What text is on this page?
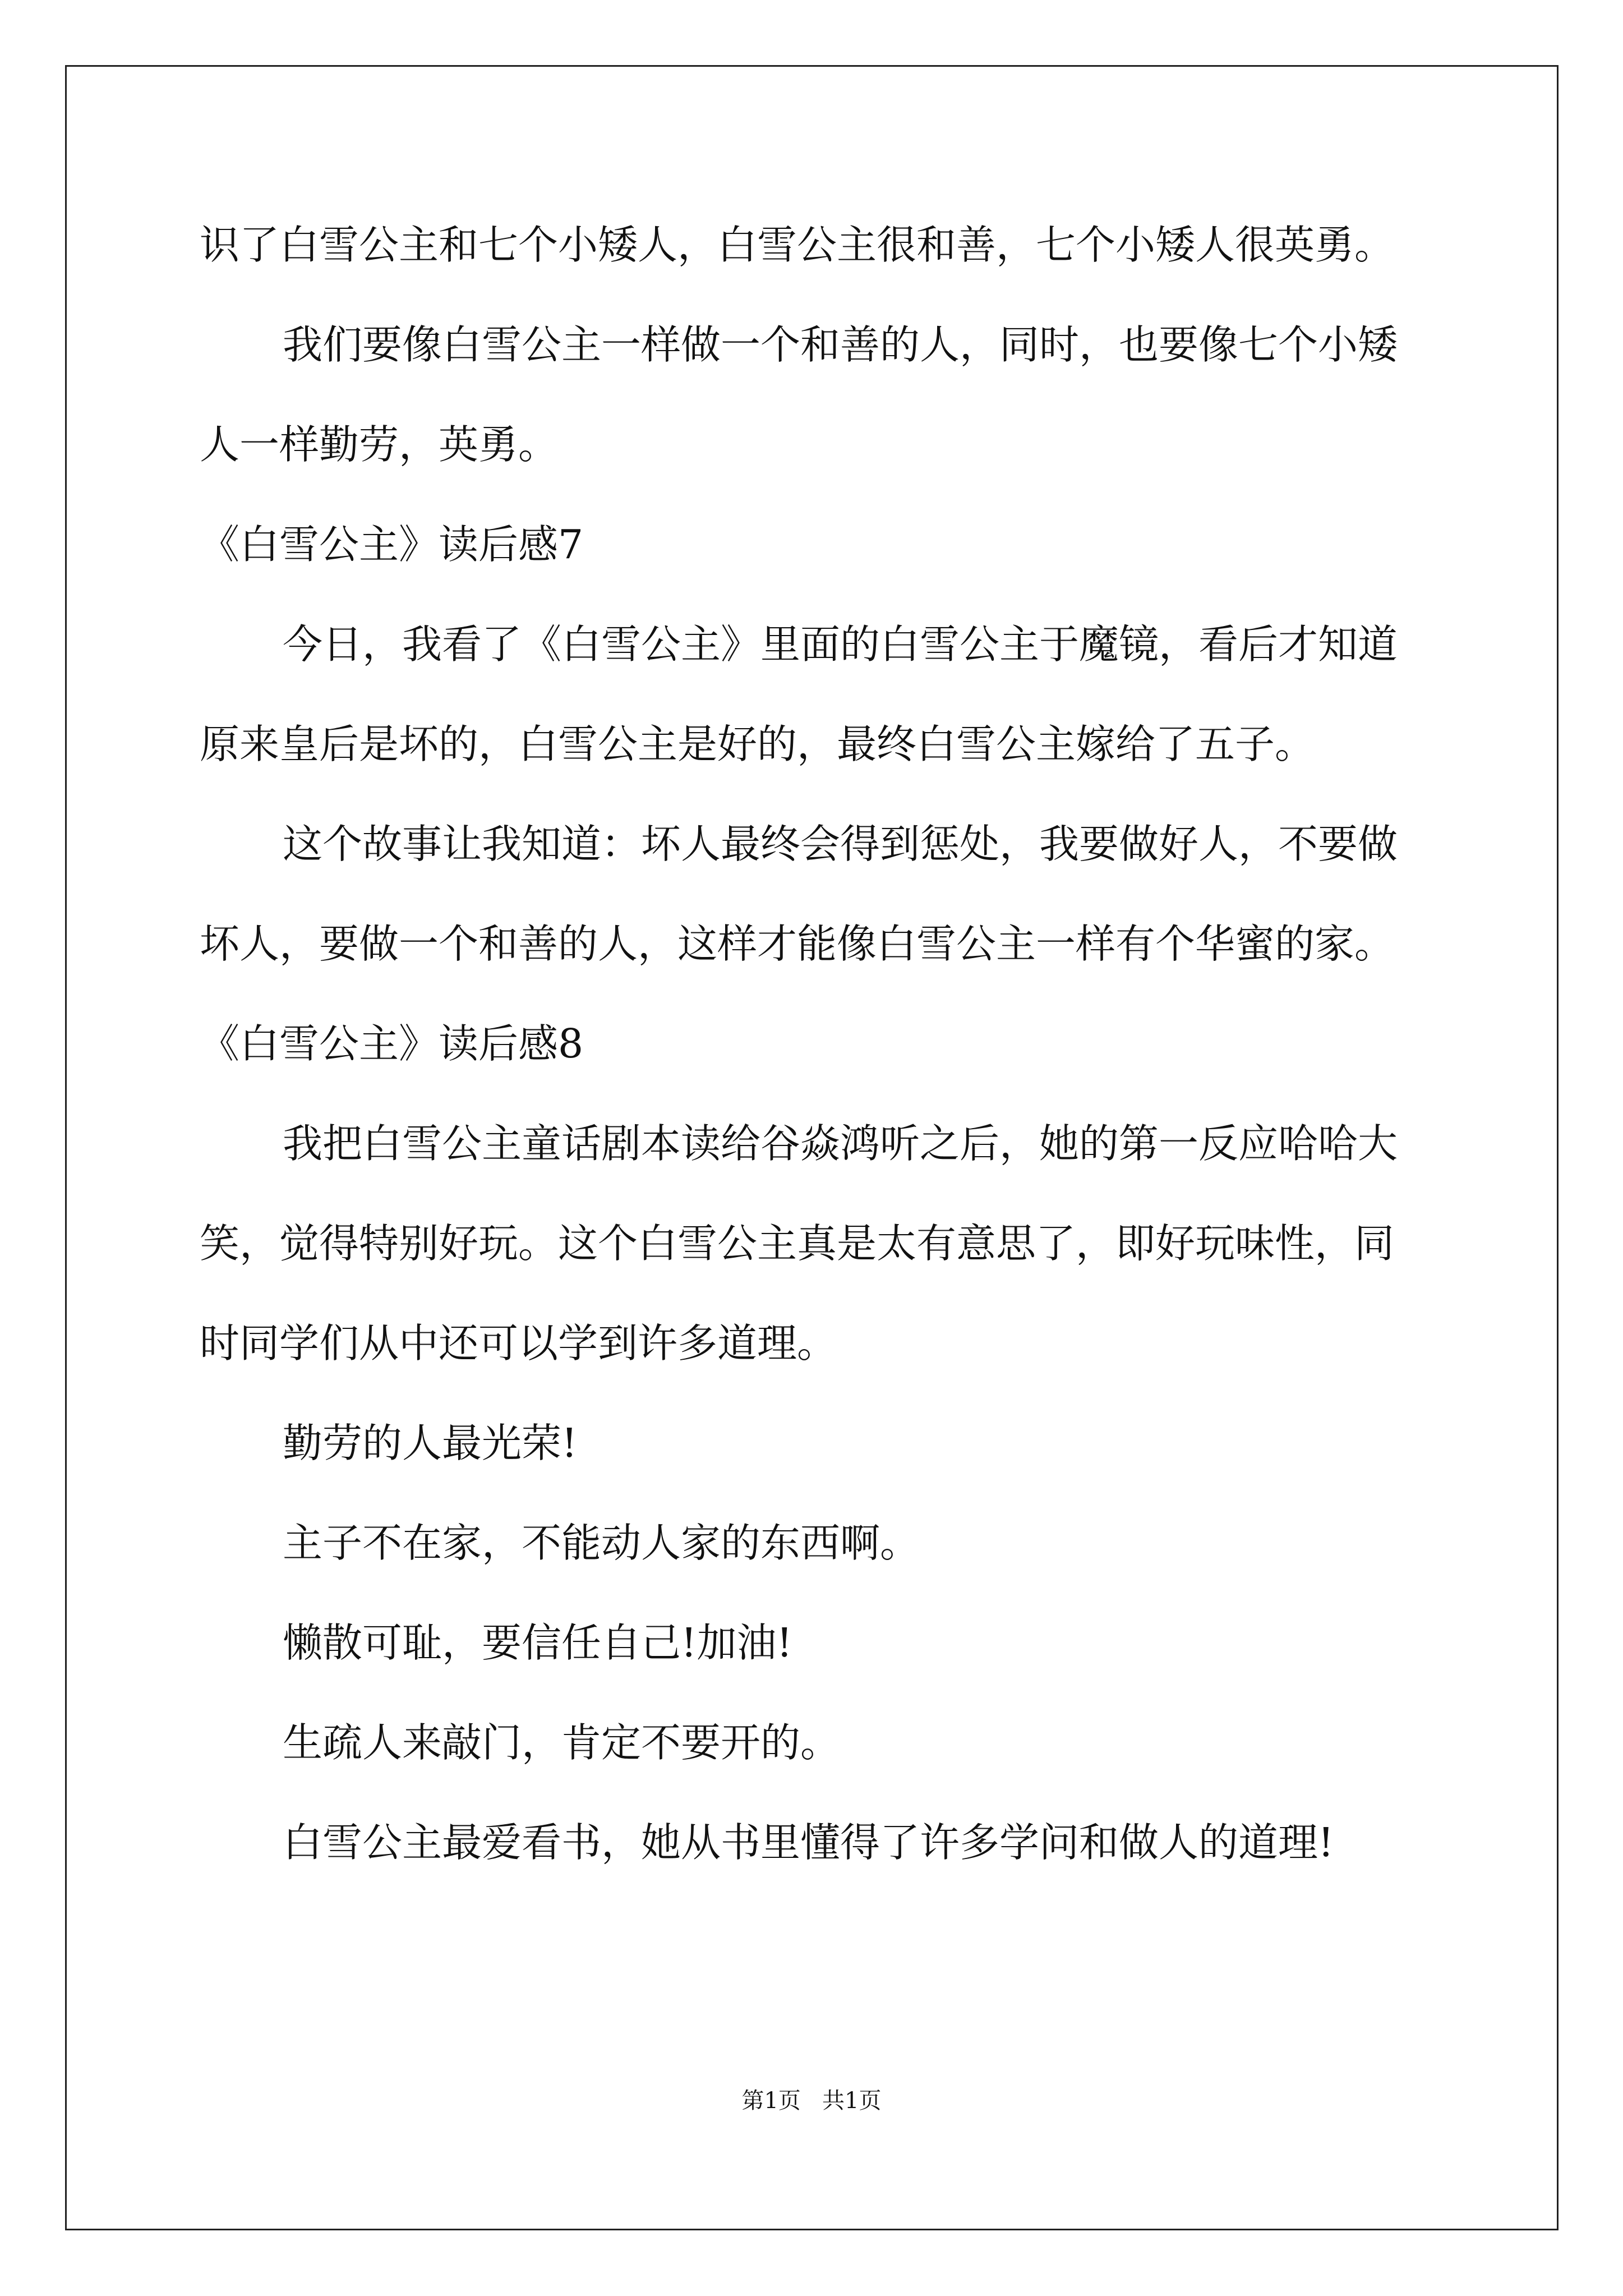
识了白雪公主和七个小矮人，白雪公主很和善，七个小矮人很英勇。
我们要像白雪公主一样做一个和善的人，同时，也要像七个小矮
人一样勤劳，英勇。
《白雪公主》读后感7
今日，我看了《白雪公主》里面的白雪公主于魔镜，看后才知道
原来皇后是坏的，白雪公主是好的，最终白雪公主嫁给了五子。
这个故事让我知道：坏人最终会得到惩处，我要做好人，不要做
坏人，要做一个和善的人，这样才能像白雪公主一样有个华蜜的家。
《白雪公主》读后感8
我把白雪公主童话剧本读给谷焱鸿听之后，她的第一反应哈哈大
笑，觉得特别好玩。这个白雪公主真是太有意思了，即好玩味性，同
时同学们从中还可以学到许多道理。
勤劳的人最光荣!
主子不在家，不能动人家的东西啊。
懒散可耻，要信任自己!加油!
生疏人来敲门，肯定不要开的。
白雪公主最爱看书，她从书里懂得了许多学问和做人的道理!
第1页   共1页
